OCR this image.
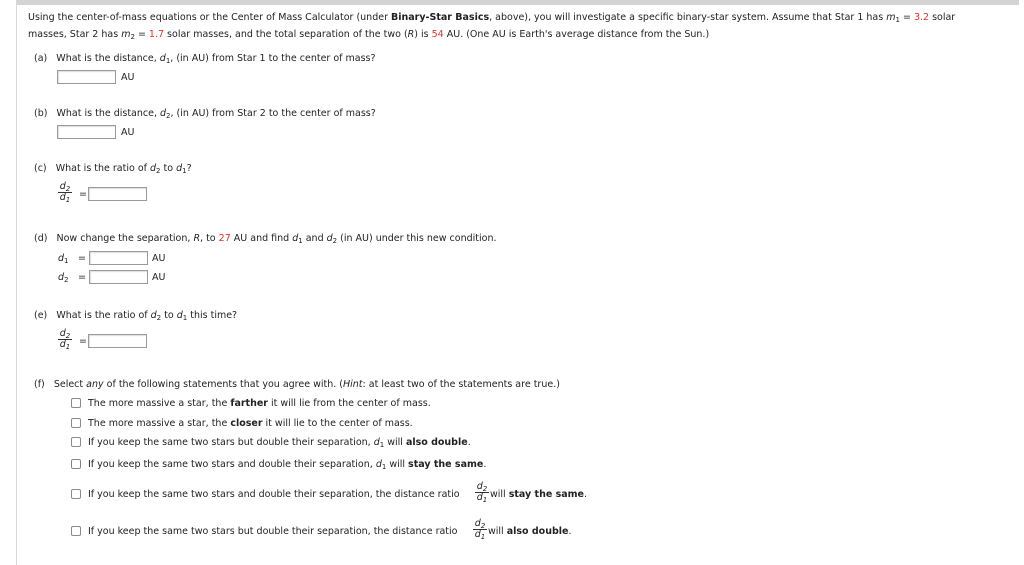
Using the center-of-mass equations or the Center of Mass Calculator (under Binary-Star Basics, above), you will investigate a specific binary-star system. Assume that Star 1 has $m_1 = 3.2$ solar
masses, Star 2 has $m_2 = 1.7$ solar masses, and the total separation of the two (R) is 54 AU. (One AU is Earth's average distance from the Sun.)
(a) What is the distance, $d_1$, (in AU) from Star 1 to the center of mass?
AU
(b) What is the distance, $d_2$, (in AU) from Star 2 to the center of mass?
AU
(c) What is the ratio of $d_2$ to $d_1$?
$\frac{d_2}{d_1}$ =
(d) Now change the separation, R, to 27 AU and find $d_1$ and $d_2$ (in AU) under this new condition.
$d_1$ =	AU
$d_2$ =	AU
(e) What is the ratio of $d_2$ to $d_1$ this time?
$\frac{d_2}{d_1}$ =
(f) Select any of the following statements that you agree with. (Hint: at least two of the statements are true.)
The more massive a star, the farther it will lie from the center of mass.
The more massive a star, the closer it will lie to the center of mass.
If you keep the same two stars but double their separation, $d_1$ will also double.
If you keep the same two stars and double their separation, $d_1$ will stay the same.
If you keep the same two stars and double their separation, the distance ratio $\frac{d_2}{d_1}$ will stay the same.
If you keep the same two stars but double their separation, the distance ratio $\frac{d_2}{d_1}$ will also double.
